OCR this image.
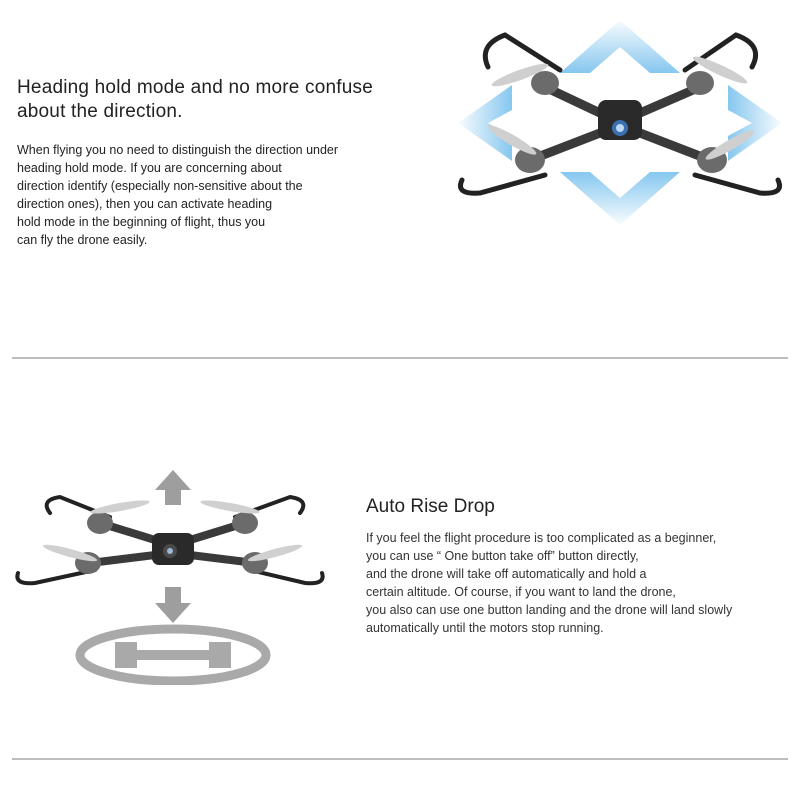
Heading hold mode and no more confuse
about the direction.
When flying you no need to distinguish the direction under
heading hold mode. If you are concerning about
direction identify (especially non-sensitive about the
direction ones), then you can activate heading
hold mode in the beginning of flight, thus you
can fly the drone easily.
Auto Rise Drop
If you feel the flight procedure is too complicated as a beginner,
you can use “ One button take off” button directly,
and the drone will take off automatically and hold a
certain altitude. Of course, if you want to land the drone,
you also can use one button landing and the drone will land slowly
automatically until the motors stop running.
